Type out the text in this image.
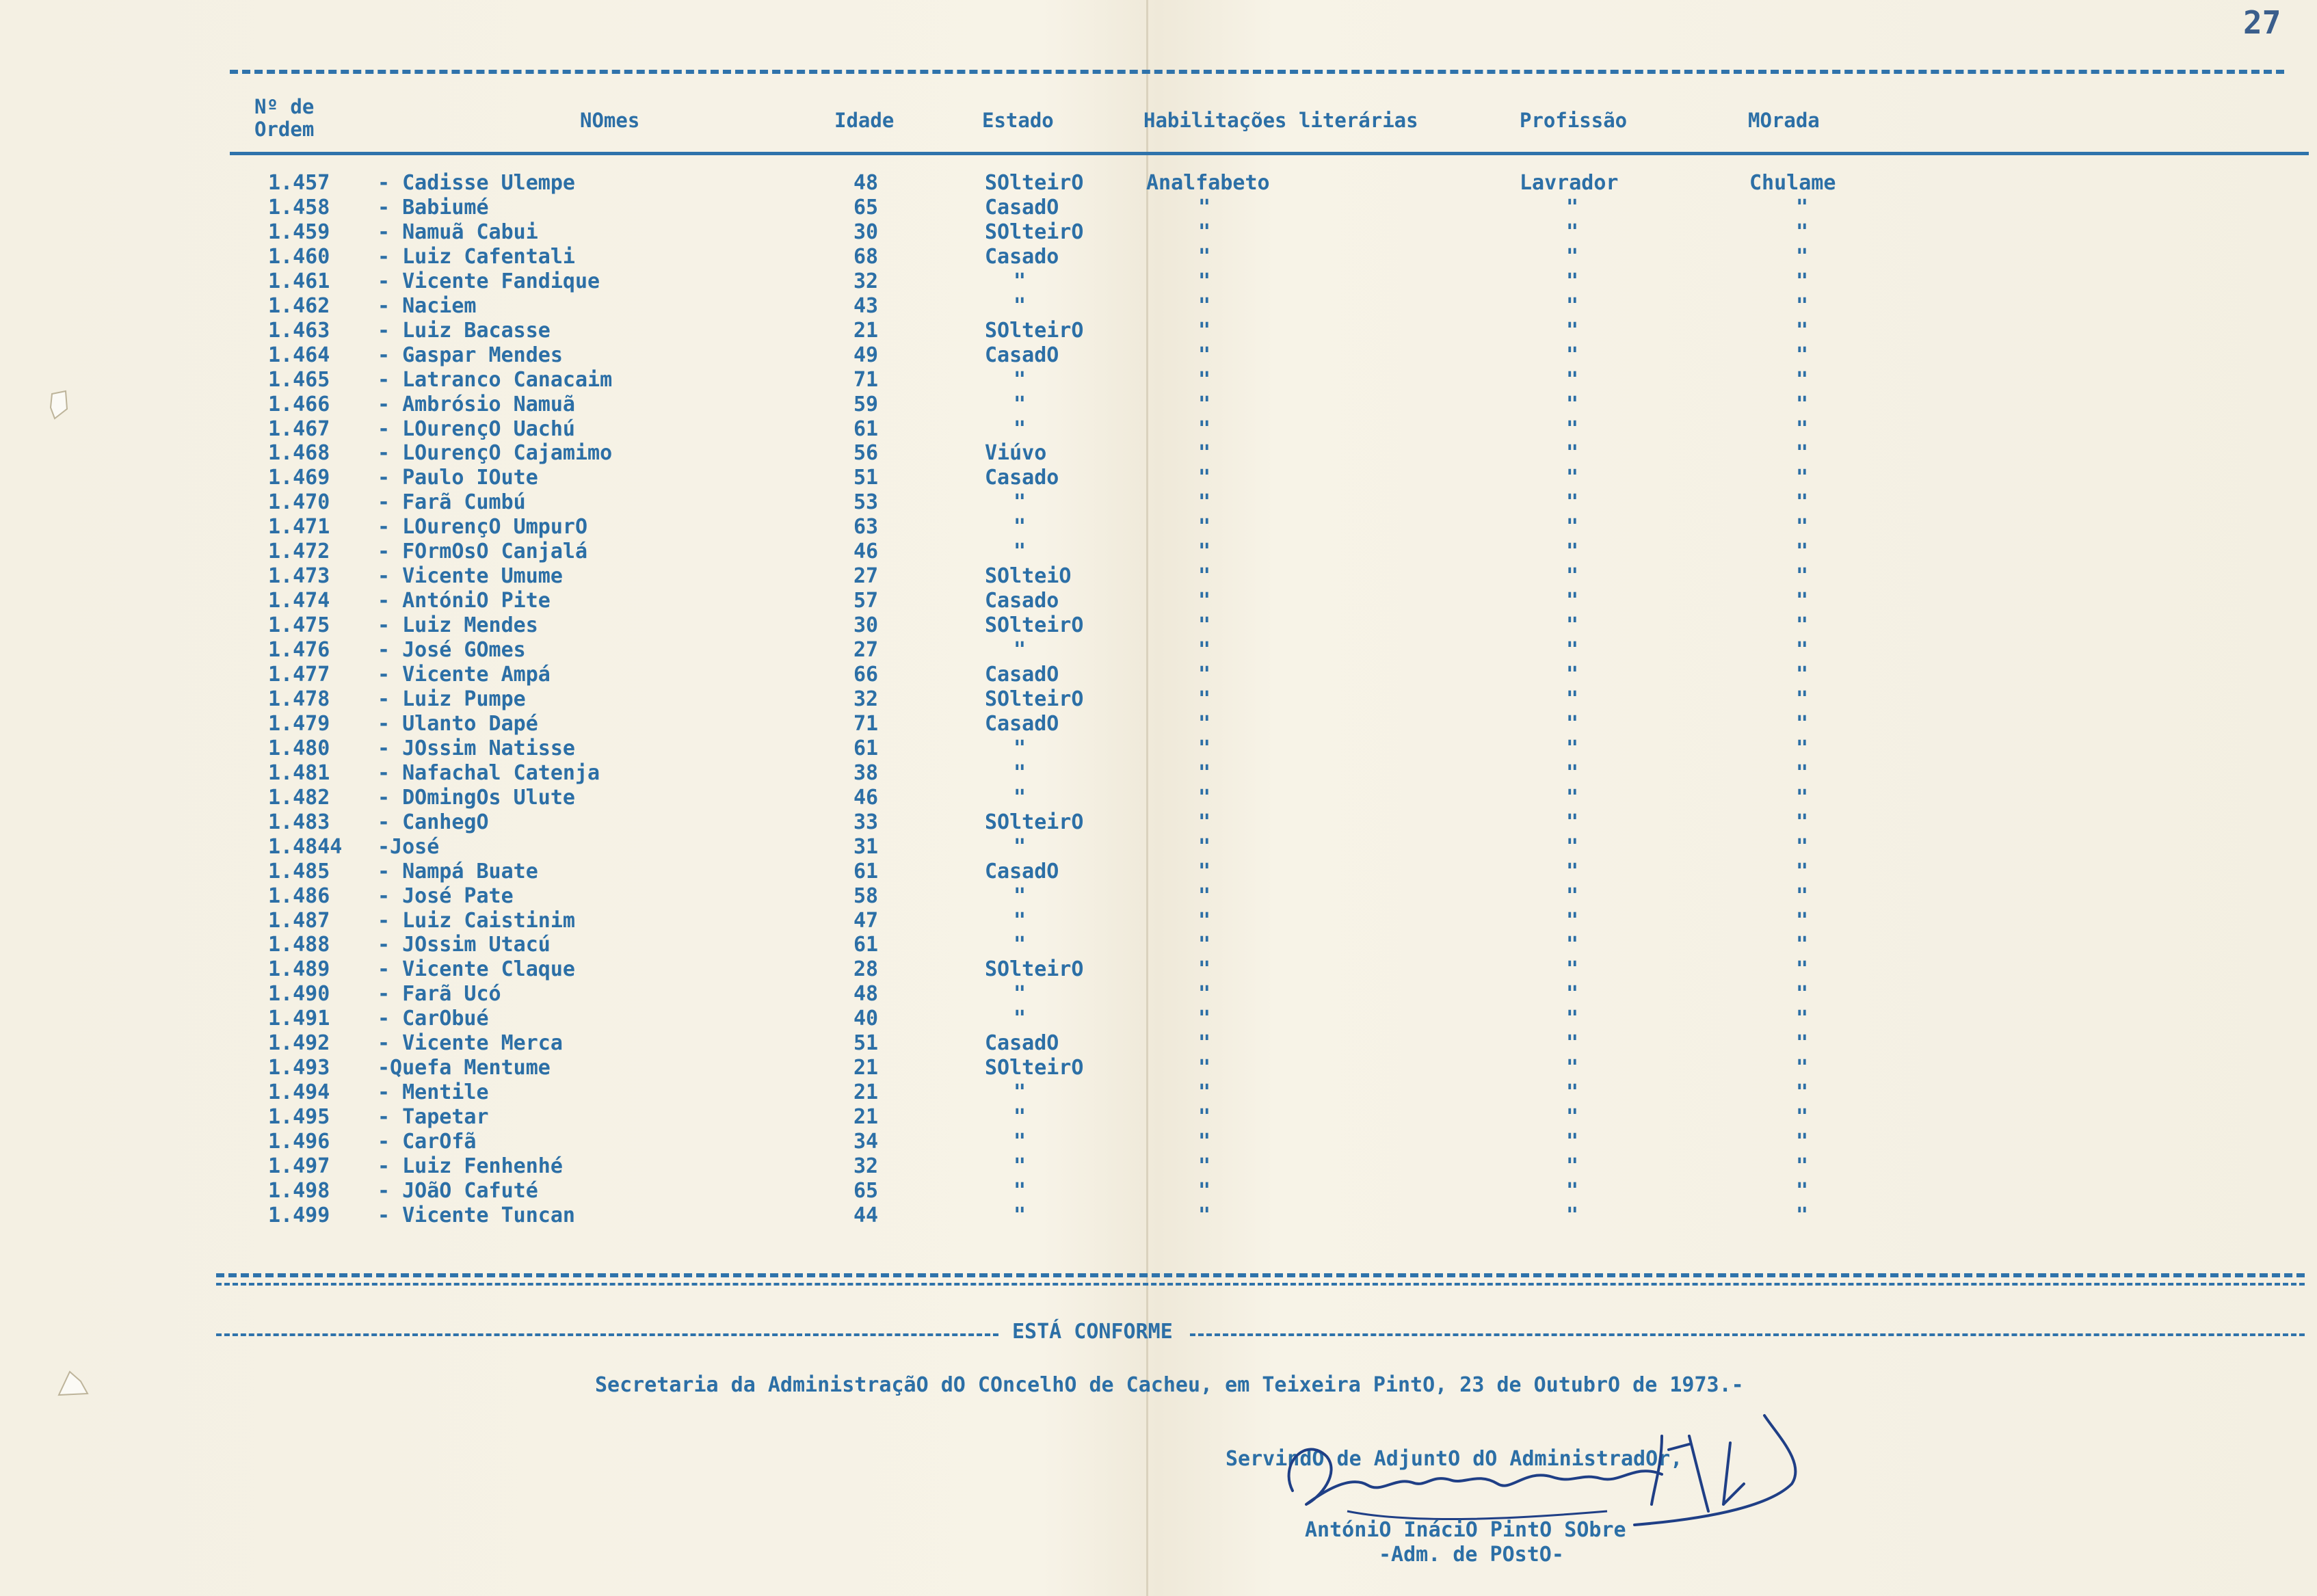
27
Nº de
Ordem	NOmes	Idade	Estado	Habilitações literárias	Profissão	MOrada
1.457 - Cadisse Ulempe	48	SOlteirO	Analfabeto	Lavrador	Chulame
1.458 - Babiumé	65	CasadO	"	"	"
1.459 - Namuã Cabui	30	SOlteirO	"	"	"
1.460 - Luiz Cafentali	68	Casado	"	"	"
1.461 - Vicente Fandique	32	"	"	"	"
1.462 - Naciem	43	"	"	"	"
1.463 - Luiz Bacasse	21	SOlteirO	"	"	"
1.464 - Gaspar Mendes	49	CasadO	"	"	"
1.465 - Latranco Canacaim	71	"	"	"	"
1.466 - Ambrósio Namuã	59	"	"	"	"
1.467 - LOurençO Uachú	61	"	"	"	"
1.468 - LOurençO Cajamimo	56	Viúvo	"	"	"
1.469 - Paulo IOute	51	Casado	"	"	"
1.470 - Farã Cumbú	53	"	"	"	"
1.471 - LOurençO UmpurO	63	"	"	"	"
1.472 - FOrmOsO Canjalá	46	"	"	"	"
1.473 - Vicente Umume	27	SOlteiO	"	"	"
1.474 - AntóniO Pite	57	Casado	"	"	"
1.475 - Luiz Mendes	30	SOlteirO	"	"	"
1.476 - José GOmes	27	"	"	"	"
1.477 - Vicente Ampá	66	CasadO	"	"	"
1.478 - Luiz Pumpe	32	SOlteirO	"	"	"
1.479 - Ulanto Dapé	71	CasadO	"	"	"
1.480 - JOssim Natisse	61	"	"	"	"
1.481 - Nafachal Catenja	38	"	"	"	"
1.482 - DOmingOs Ulute	46	"	"	"	"
1.483 - CanhegO	33	SOlteirO	"	"	"
1.4844 -José	31	"	"	"	"
1.485 - Nampá Buate	61	CasadO	"	"	"
1.486 - José Pate	58	"	"	"	"
1.487 - Luiz Caistinim	47	"	"	"	"
1.488 - JOssim Utacú	61	"	"	"	"
1.489 - Vicente Claque	28	SOlteirO	"	"	"
1.490 - Farã Ucó	48	"	"	"	"
1.491 - CarObué	40	"	"	"	"
1.492 - Vicente Merca	51	CasadO	"	"	"
1.493 -Quefa Mentume	21	SOlteirO	"	"	"
1.494 - Mentile	21	"	"	"	"
1.495 - Tapetar	21	"	"	"	"
1.496 - CarOfã	34	"	"	"	"
1.497 - Luiz Fenhenhé	32	"	"	"	"
1.498 - JOãO Cafuté	65	"	"	"	"
1.499 - Vicente Tuncan	44	"	"	"	"
ESTÁ CONFORME
Secretaria da AdministraçãO dO COncelhO de Cacheu, em Teixeira PintO, 23 de OutubrO de 1973.-
ServindO de AdjuntO dO AdministradOr,
AntóniO InáciO PintO SObre
-Adm. de POstO-
